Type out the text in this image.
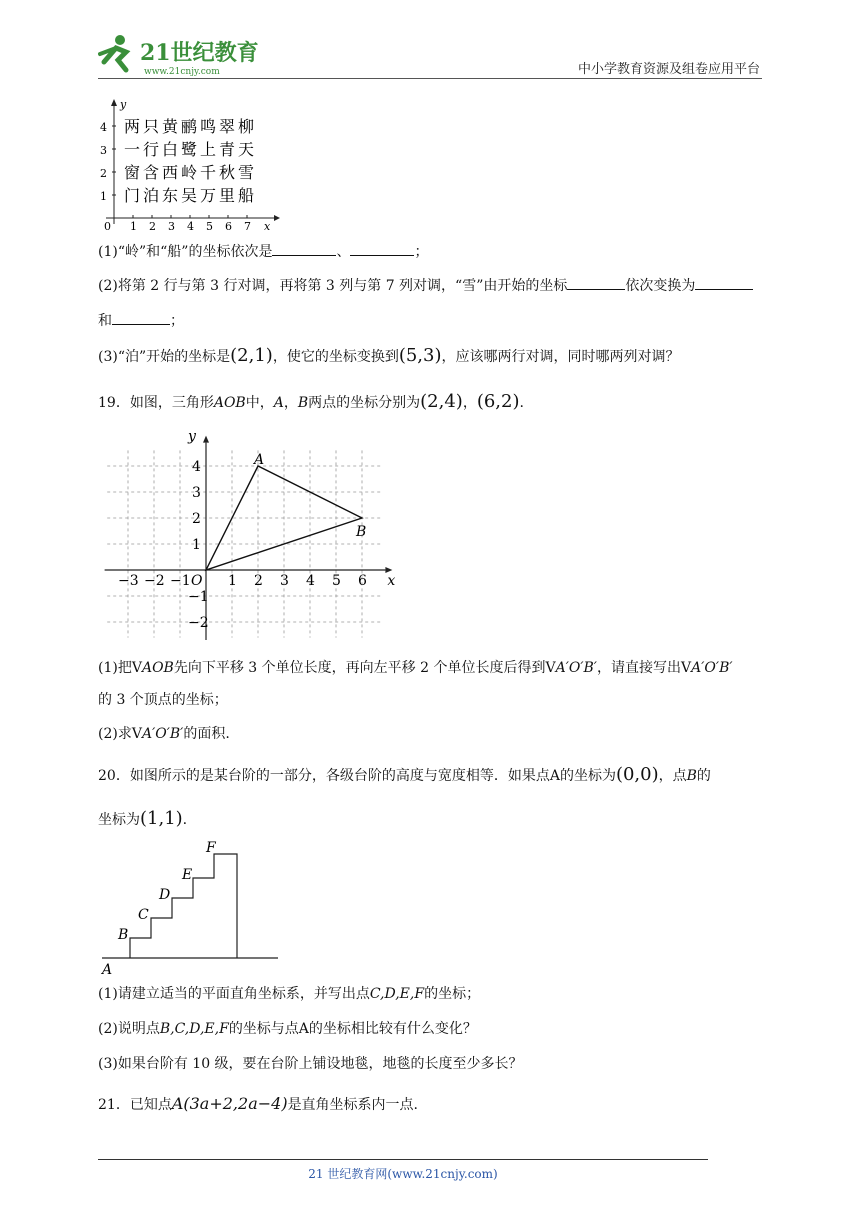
21世纪教育
www.21cnjy.com	中小学教育资源及组卷应用平台
y
x
0
4
3
2
1
1 2 3 4 5 6 7
两 只 黄 鹂 鸣 翠 柳
一 行 白 鹭 上 青 天
窗 含 西 岭 千 秋 雪
门 泊 东 吴 万 里 船
(1)“岭”和“船”的坐标依次是	、	；
(2)将第 2 行与第 3 行对调，再将第 3 列与第 7 列对调，“雪”由开始的坐标	依次变换为
和	；
(3)“泊”开始的坐标是(2,1)，使它的坐标变换到(5,3)，应该哪两行对调，同时哪两列对调？
19．如图，三角形AOB中，A，B两点的坐标分别为(2,4)，(6,2).
x
y
O
−3 −2 −1	1 2 3 4 5 6
4
3
2
1
−1
−2
A
B
(1)把VAOB先向下平移 3 个单位长度，再向左平移 2 个单位长度后得到VA′O′B′，请直接写出VA′O′B′
的 3 个顶点的坐标；
(2)求VA′O′B′的面积.
20．如图所示的是某台阶的一部分，各级台阶的高度与宽度相等．如果点A的坐标为(0,0)，点B的
坐标为(1,1).
A
B
C
D
E
F
(1)请建立适当的平面直角坐标系，并写出点C,D,E,F的坐标；
(2)说明点B,C,D,E,F的坐标与点A的坐标相比较有什么变化？
(3)如果台阶有 10 级，要在台阶上铺设地毯，地毯的长度至少多长？
21．已知点A(3a+2,2a−4)是直角坐标系内一点.
21 世纪教育网(www.21cnjy.com)
